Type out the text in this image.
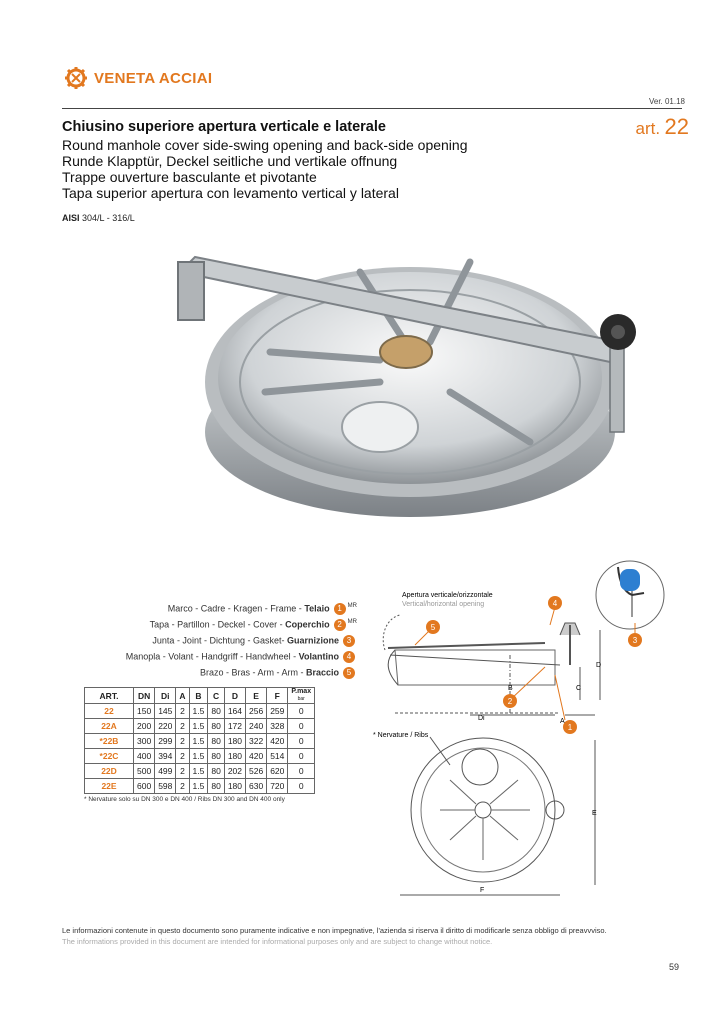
VENETA ACCIAI
Ver. 01.18
art. 22
Chiusino superiore apertura verticale e laterale
Round manhole cover side-swing opening and back-side opening
Runde Klapptür, Deckel seitliche und vertikale offnung
Trappe ouverture basculante et pivotante
Tapa superior apertura con levamento vertical y lateral
AISI 304/L - 316/L
Marco - Cadre - Kragen - Frame - Telaio 1 $^{MR}$
Tapa - Partillon - Deckel - Cover - Coperchio 2 $^{MR}$
Junta - Joint - Dichtung - Gasket- Guarnizione 3
Manopla - Volant - Handgriff - Handwheel - Volantino 4
Brazo - Bras - Arm - Arm - Braccio 5
ART.	DN	Di	A	B	C	D	E	F	P.max
bar
22	150	145	2	1.5	80	164	256	259	0
22A	200	220	2	1.5	80	172	240	328	0
*22B	300	299	2	1.5	80	180	322	420	0
*22C	400	394	2	1.5	80	180	420	514	0
22D	500	499	2	1.5	80	202	526	620	0
22E	600	598	2	1.5	80	180	630	720	0
* Nervature solo su DN 300 e DN 400 / Ribs DN 300 and DN 400 only
Apertura verticale/orizzontale
Vertical/horizontal opening
* Nervature / Ribs
A
B	C
D
E
F
Di
1
2
3
4
5
Le informazioni contenute in questo documento sono puramente indicative e non impegnative, l'azienda si riserva il diritto di modificarle senza obbligo di preavvviso.
The informations provided in this document are intended for informational purposes only and are subject to change without notice.
59
